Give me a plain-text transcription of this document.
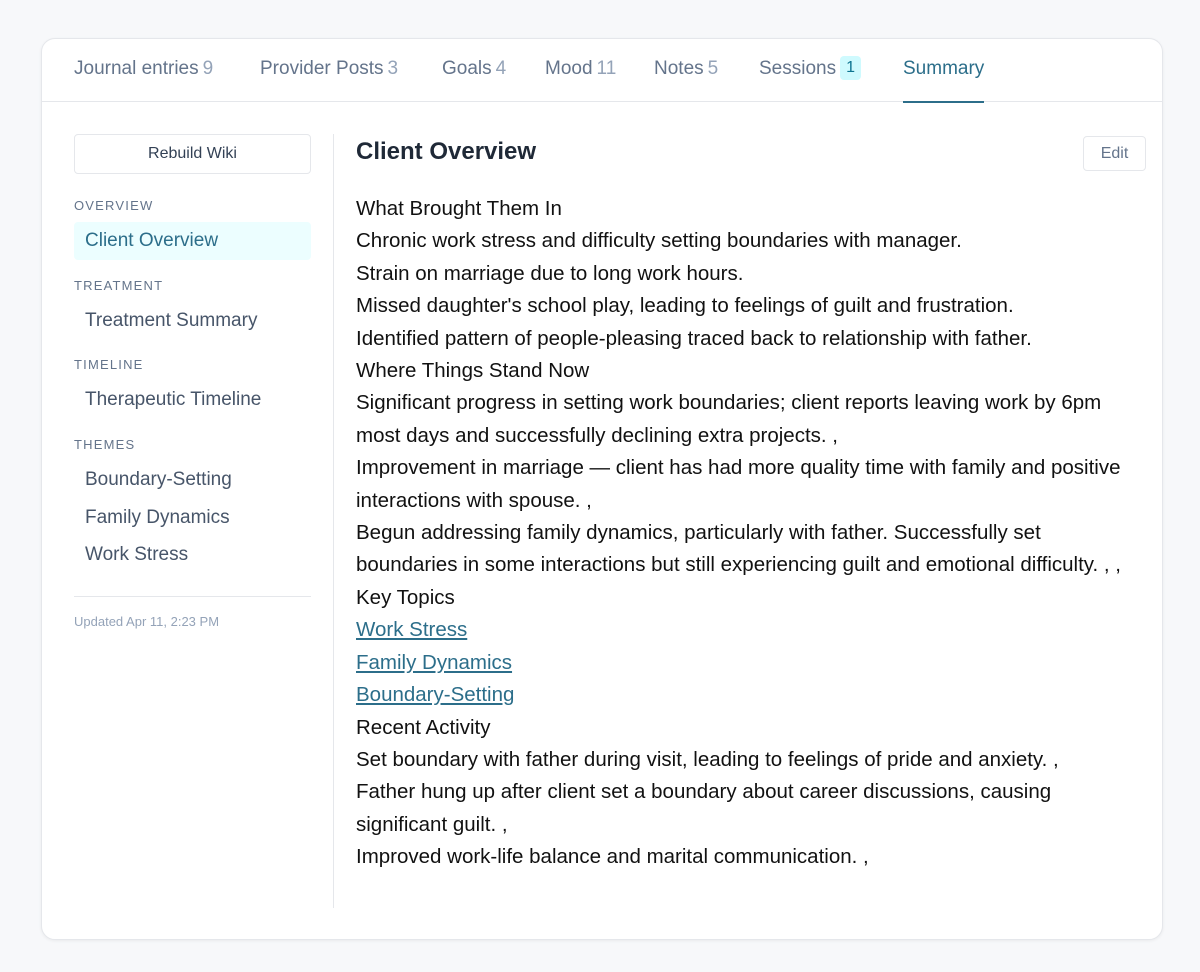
Journal entries 9 Provider Posts 3 Goals 4 Mood 11 Notes 5 Sessions 1	Summary
Rebuild Wiki
OVERVIEW
Client Overview
TREATMENT
Treatment Summary
TIMELINE
Therapeutic Timeline
THEMES
Boundary-Setting
Family Dynamics
Work Stress
Updated Apr 11, 2:23 PM
Client Overview	Edit

What Brought Them In

Chronic work stress and difficulty setting boundaries with manager.

Strain on marriage due to long work hours.

Missed daughter's school play, leading to feelings of guilt and frustration.

Identified pattern of people-pleasing traced back to relationship with father.

Where Things Stand Now

Significant progress in setting work boundaries; client reports leaving work by 6pm most days and successfully declining extra projects. ,

Improvement in marriage — client has had more quality time with family and positive interactions with spouse. ,

Begun addressing family dynamics, particularly with father. Successfully set boundaries in some interactions but still experiencing guilt and emotional difficulty. , ,

Key Topics

Work Stress

Family Dynamics

Boundary-Setting

Recent Activity

Set boundary with father during visit, leading to feelings of pride and anxiety. ,

Father hung up after client set a boundary about career discussions, causing significant guilt. ,

Improved work-life balance and marital communication. ,
